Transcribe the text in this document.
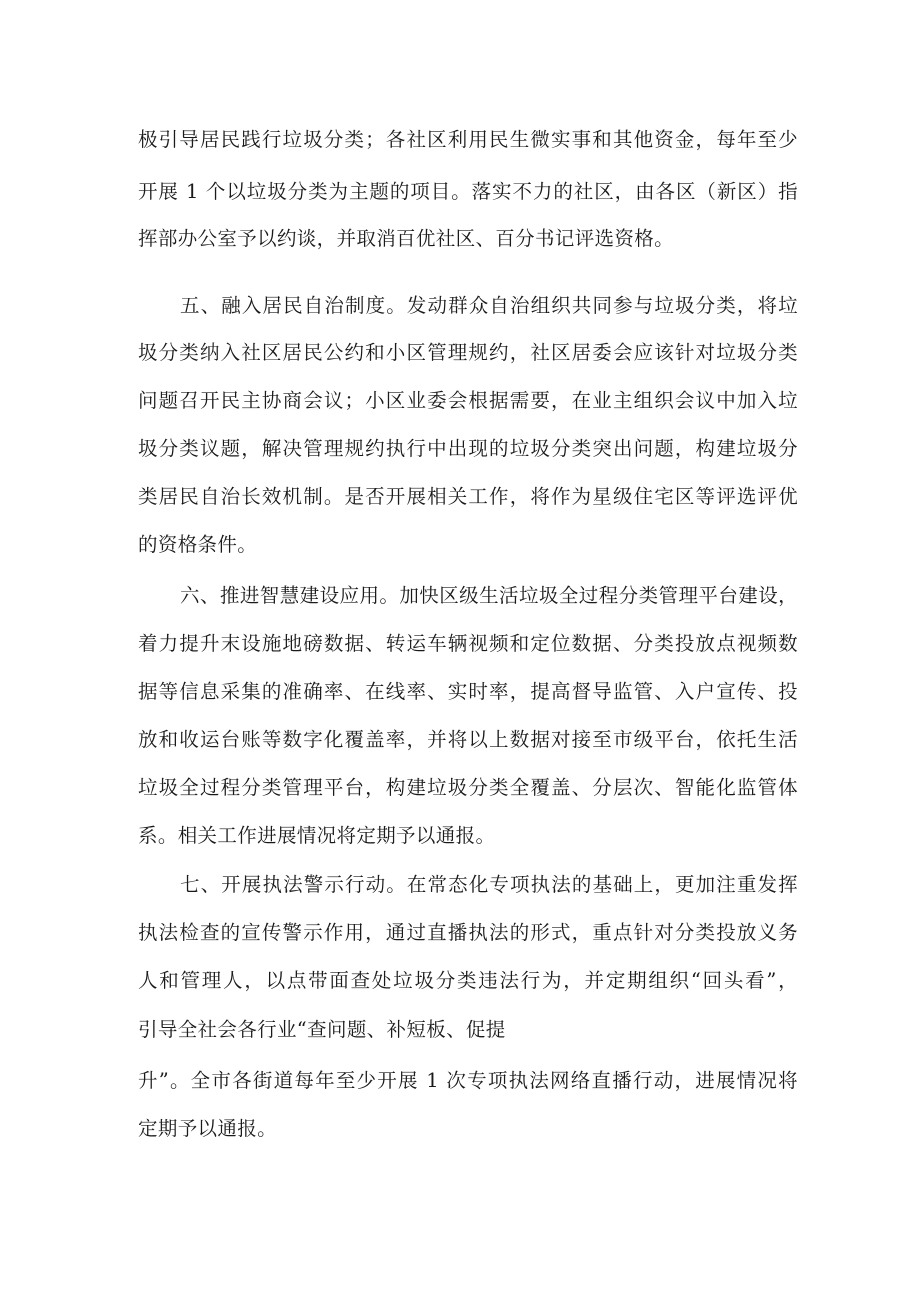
极引导居民践行垃圾分类；各社区利用民生微实事和其他资金，每年至少
开展 1 个以垃圾分类为主题的项目。落实不力的社区，由各区（新区）指
挥部办公室予以约谈，并取消百优社区、百分书记评选资格。
五、融入居民自治制度。发动群众自治组织共同参与垃圾分类，将垃
圾分类纳入社区居民公约和小区管理规约，社区居委会应该针对垃圾分类
问题召开民主协商会议；小区业委会根据需要，在业主组织会议中加入垃
圾分类议题，解决管理规约执行中出现的垃圾分类突出问题，构建垃圾分
类居民自治长效机制。是否开展相关工作，将作为星级住宅区等评选评优
的资格条件。
六、推进智慧建设应用。加快区级生活垃圾全过程分类管理平台建设，
着力提升末设施地磅数据、转运车辆视频和定位数据、分类投放点视频数
据等信息采集的准确率、在线率、实时率，提高督导监管、入户宣传、投
放和收运台账等数字化覆盖率，并将以上数据对接至市级平台，依托生活
垃圾全过程分类管理平台，构建垃圾分类全覆盖、分层次、智能化监管体
系。相关工作进展情况将定期予以通报。
七、开展执法警示行动。在常态化专项执法的基础上，更加注重发挥
执法检查的宣传警示作用，通过直播执法的形式，重点针对分类投放义务
人和管理人，以点带面查处垃圾分类违法行为，并定期组织“回头看”，
引导全社会各行业“查问题、补短板、促提
升”。全市各街道每年至少开展 1 次专项执法网络直播行动，进展情况将
定期予以通报。
